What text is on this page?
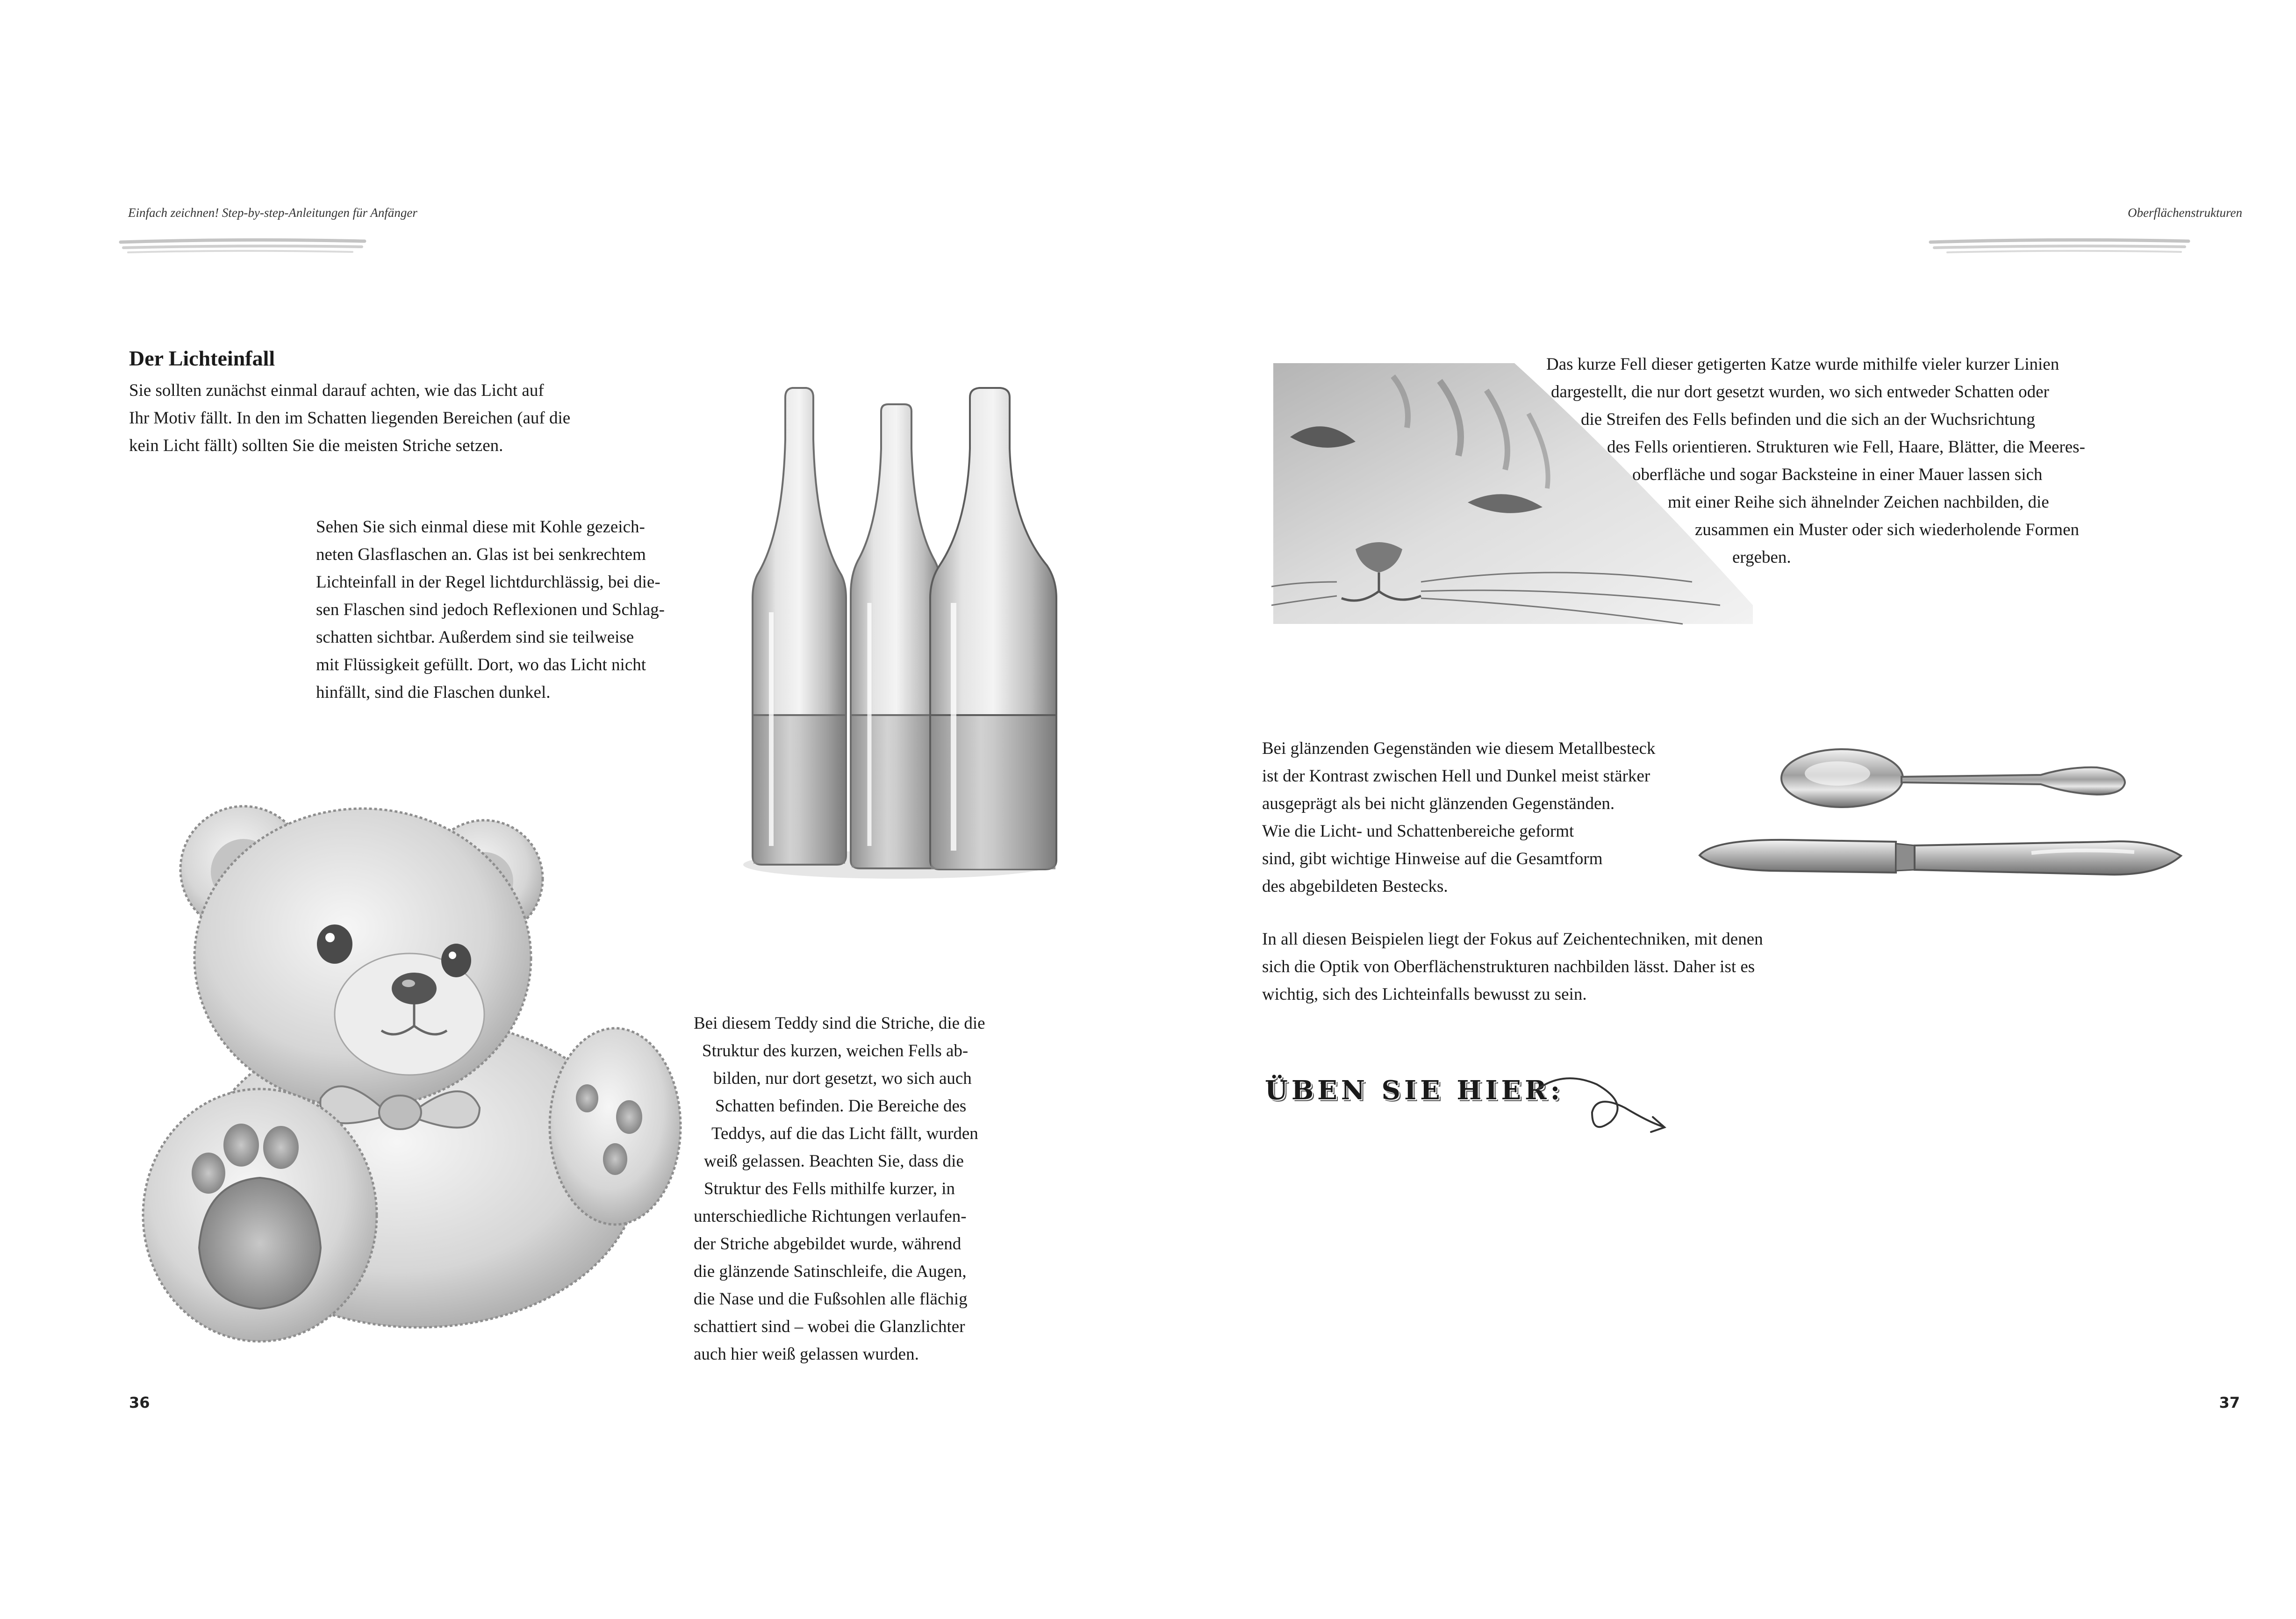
Einfach zeichnen! Step-by-step-Anleitungen für Anfänger
Der Lichteinfall
Sie sollten zunächst einmal darauf achten, wie das Licht auf
Ihr Motiv fällt. In den im Schatten liegenden Bereichen (auf die
kein Licht fällt) sollten Sie die meisten Striche setzen.
Sehen Sie sich einmal diese mit Kohle gezeich-
neten Glasflaschen an. Glas ist bei senkrechtem
Lichteinfall in der Regel lichtdurchlässig, bei die-
sen Flaschen sind jedoch Reflexionen und Schlag-
schatten sichtbar. Außerdem sind sie teilweise
mit Flüssigkeit gefüllt. Dort, wo das Licht nicht
hinfällt, sind die Flaschen dunkel.
Bei diesem Teddy sind die Striche, die die
Struktur des kurzen, weichen Fells ab-
bilden, nur dort gesetzt, wo sich auch
Schatten befinden. Die Bereiche des
Teddys, auf die das Licht fällt, wurden
weiß gelassen. Beachten Sie, dass die
Struktur des Fells mithilfe kurzer, in
unterschiedliche Richtungen verlaufen-
der Striche abgebildet wurde, während
die glänzende Satinschleife, die Augen,
die Nase und die Fußsohlen alle flächig
schattiert sind – wobei die Glanzlichter
auch hier weiß gelassen wurden.
36
Oberflächenstrukturen
Das kurze Fell dieser getigerten Katze wurde mithilfe vieler kurzer Linien
dargestellt, die nur dort gesetzt wurden, wo sich entweder Schatten oder
die Streifen des Fells befinden und die sich an der Wuchsrichtung
des Fells orientieren. Strukturen wie Fell, Haare, Blätter, die Meeres-
oberfläche und sogar Backsteine in einer Mauer lassen sich
mit einer Reihe sich ähnelnder Zeichen nachbilden, die
zusammen ein Muster oder sich wiederholende Formen
ergeben.
Bei glänzenden Gegenständen wie diesem Metallbesteck
ist der Kontrast zwischen Hell und Dunkel meist stärker
ausgeprägt als bei nicht glänzenden Gegenständen.
Wie die Licht- und Schattenbereiche geformt
sind, gibt wichtige Hinweise auf die Gesamtform
des abgebildeten Bestecks.
In all diesen Beispielen liegt der Fokus auf Zeichentechniken, mit denen
sich die Optik von Oberflächenstrukturen nachbilden lässt. Daher ist es
wichtig, sich des Lichteinfalls bewusst zu sein.
ÜBEN SIE HIER:
37
